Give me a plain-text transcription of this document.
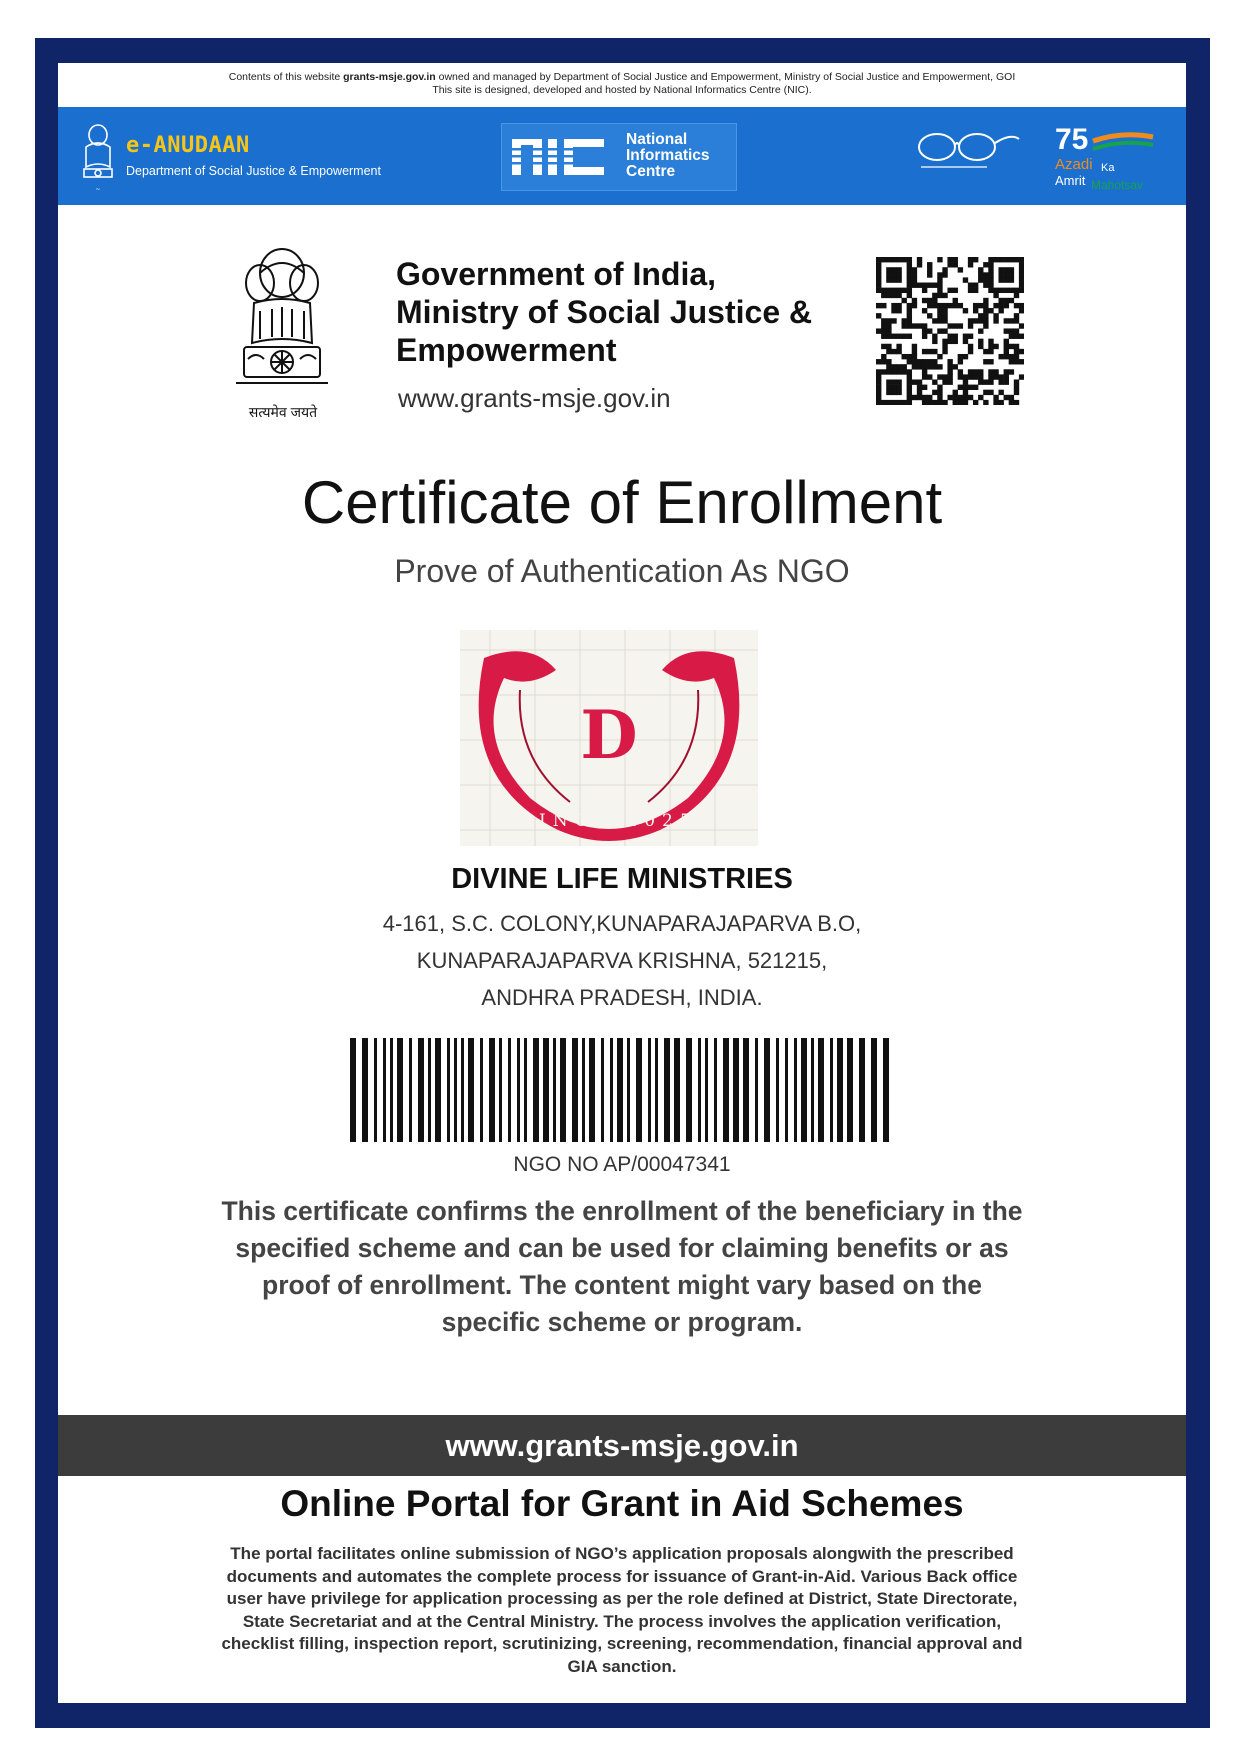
Contents of this website grants-msje.gov.in owned and managed by Department of Social Justice and Empowerment, Ministry of Social Justice and Empowerment, GOI
This site is designed, developed and hosted by National Informatics Centre (NIC).
~
e-ANUDAAN
Department of Social Justice & Empowerment
National
Informatics
Centre
75
Azadi Ka
Amrit Mahotsav
सत्यमेव जयते
Government of India,
Ministry of Social Justice &
Empowerment
www.grants-msje.gov.in
Certificate of Enrollment
Prove of Authentication As NGO
D
SINCE 2025
DIVINE LIFE MINISTRIES
4-161, S.C. COLONY,KUNAPARAJAPARVA B.O,
KUNAPARAJAPARVA KRISHNA, 521215,
ANDHRA PRADESH, INDIA.
NGO NO AP/00047341
This certificate confirms the enrollment of the beneficiary in the specified scheme and can be used for claiming benefits or as proof of enrollment. The content might vary based on the specific scheme or program.
www.grants-msje.gov.in
Online Portal for Grant in Aid Schemes
The portal facilitates online submission of NGO’s application proposals alongwith the prescribed documents and automates the complete process for issuance of Grant-in-Aid. Various Back office user have privilege for application processing as per the role defined at District, State Directorate, State Secretariat and at the Central Ministry. The process involves the application verification, checklist filling, inspection report, scrutinizing, screening, recommendation, financial approval and GIA sanction.
